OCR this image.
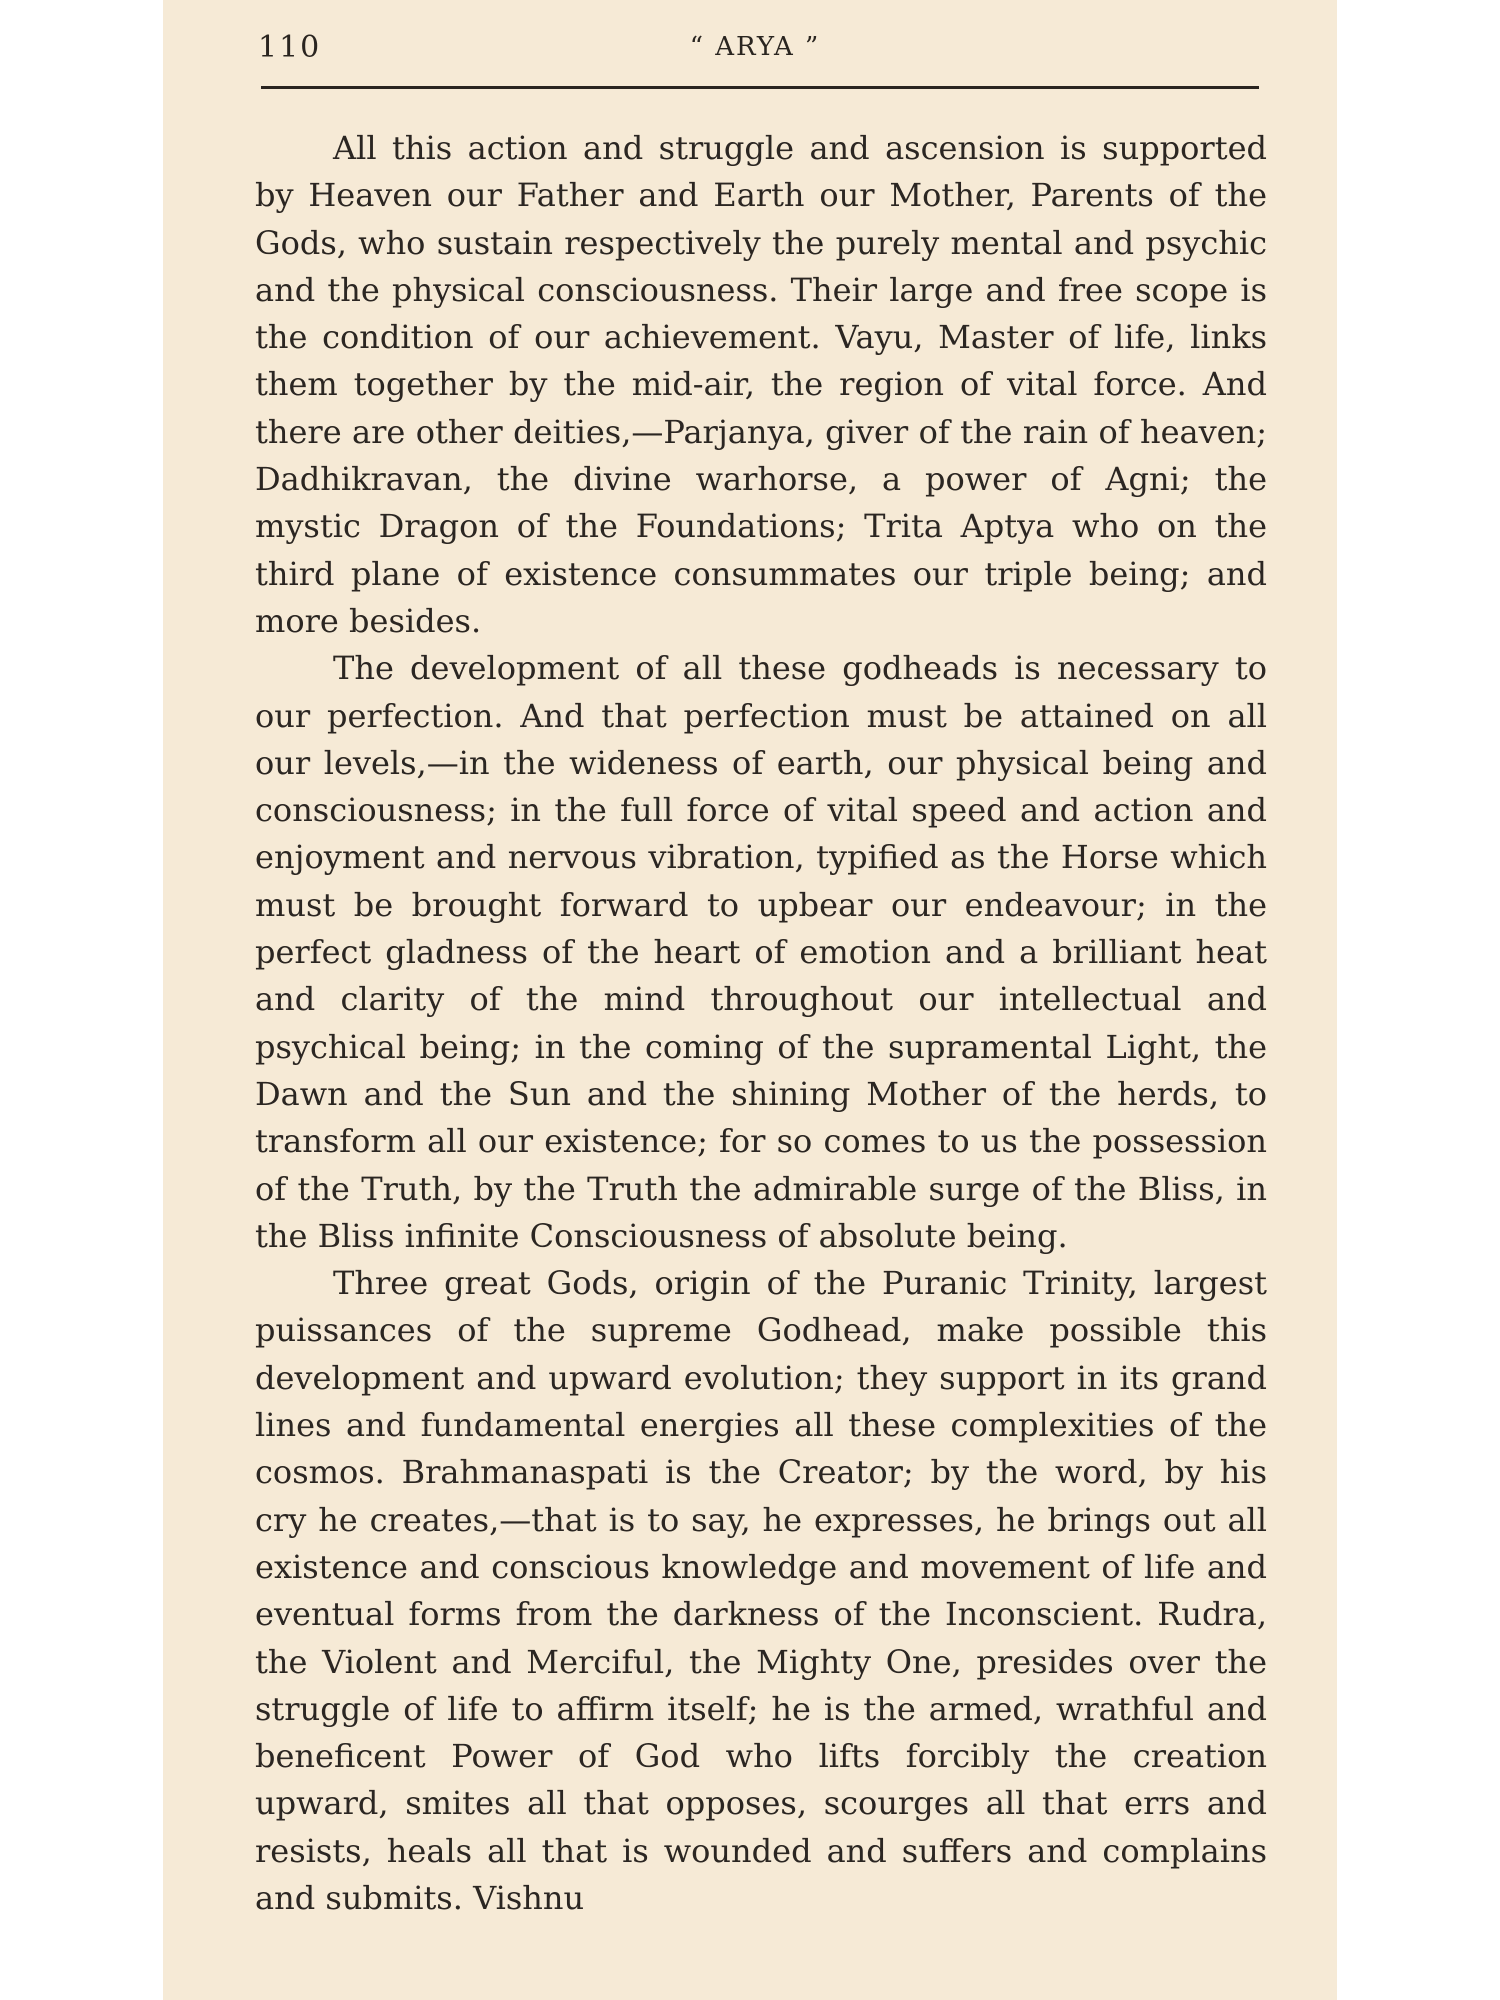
110	“ ARYA ”

All this action and struggle and ascension is supported by Heaven our Father and Earth our Mother, Parents of the Gods, who sustain respectively the purely mental and psychic and the physical consciousness. Their large and free scope is the condition of our achievement. Vayu, Master of life, links them together by the mid-air, the region of vital force. And there are other deities,—Parjanya, giver of the rain of heaven; Dadhikravan, the divine warhorse, a power of Agni; the mystic Dragon of the Foundations; Trita Aptya who on the third plane of existence consummates our triple being; and more besides.

The development of all these godheads is necessary to our perfection. And that perfection must be attained on all our levels,—in the wideness of earth, our physical being and consciousness; in the full force of vital speed and action and enjoyment and nervous vibration, typified as the Horse which must be brought forward to upbear our endeavour; in the perfect gladness of the heart of emotion and a brilliant heat and clarity of the mind throughout our intellectual and psychical being; in the coming of the supramental Light, the Dawn and the Sun and the shining Mother of the herds, to transform all our existence; for so comes to us the possession of the Truth, by the Truth the admirable surge of the Bliss, in the Bliss infinite Consciousness of absolute being.

Three great Gods, origin of the Puranic Trinity, largest puissances of the supreme Godhead, make possible this development and upward evolution; they support in its grand lines and fundamental energies all these complexities of the cosmos. Brahmanaspati is the Creator; by the word, by his cry he creates,—that is to say, he expresses, he brings out all existence and conscious knowledge and movement of life and eventual forms from the darkness of the Inconscient. Rudra, the Violent and Merciful, the Mighty One, presides over the struggle of life to affirm itself; he is the armed, wrathful and beneficent Power of God who lifts forcibly the creation upward, smites all that opposes, scourges all that errs and resists, heals all that is wounded and suffers and complains and submits. Vishnu
